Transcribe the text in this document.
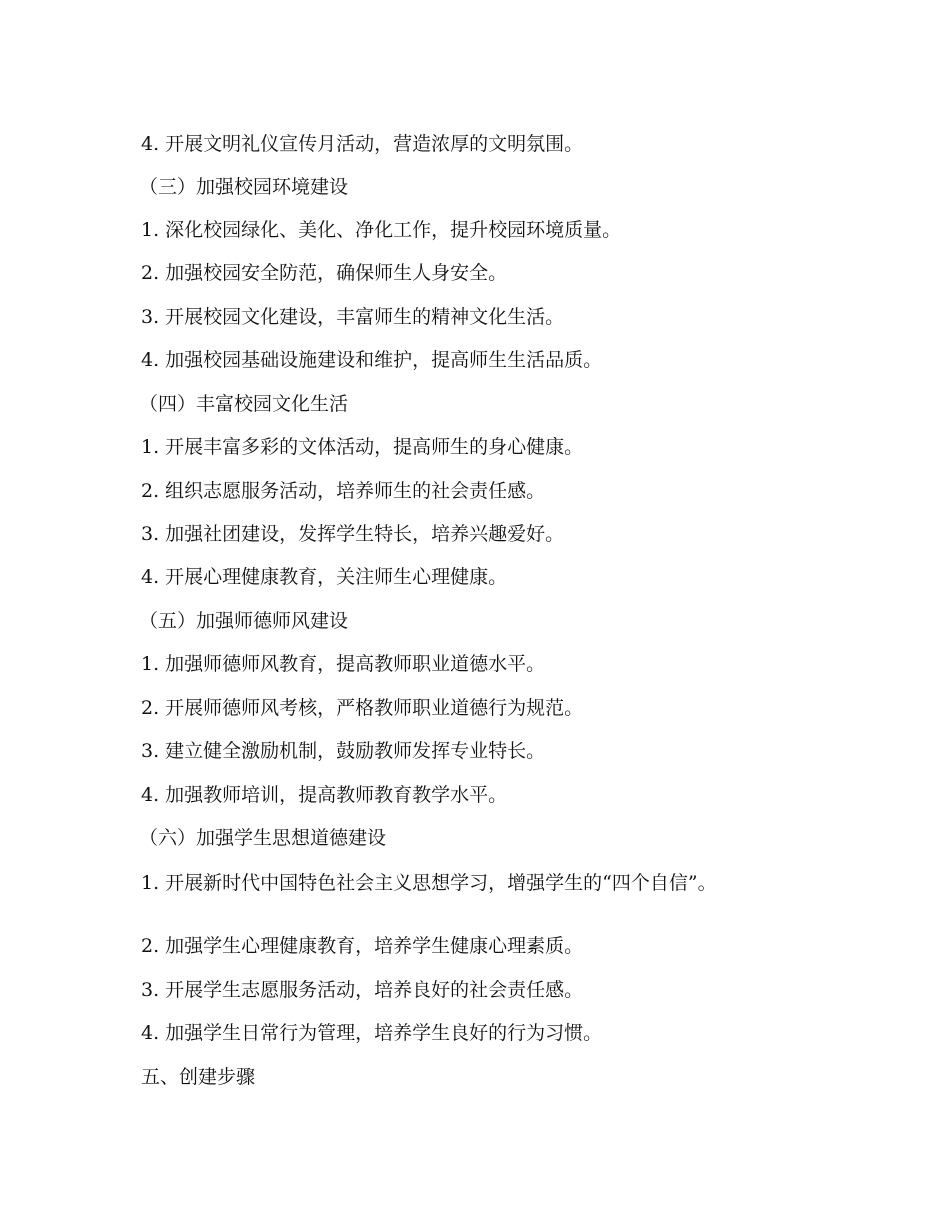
4. 开展文明礼仪宣传月活动，营造浓厚的文明氛围。
（三）加强校园环境建设
1. 深化校园绿化、美化、净化工作，提升校园环境质量。
2. 加强校园安全防范，确保师生人身安全。
3. 开展校园文化建设，丰富师生的精神文化生活。
4. 加强校园基础设施建设和维护，提高师生生活品质。
（四）丰富校园文化生活
1. 开展丰富多彩的文体活动，提高师生的身心健康。
2. 组织志愿服务活动，培养师生的社会责任感。
3. 加强社团建设，发挥学生特长，培养兴趣爱好。
4. 开展心理健康教育，关注师生心理健康。
（五）加强师德师风建设
1. 加强师德师风教育，提高教师职业道德水平。
2. 开展师德师风考核，严格教师职业道德行为规范。
3. 建立健全激励机制，鼓励教师发挥专业特长。
4. 加强教师培训，提高教师教育教学水平。
（六）加强学生思想道德建设
1. 开展新时代中国特色社会主义思想学习，增强学生的“四个自信”。
2. 加强学生心理健康教育，培养学生健康心理素质。
3. 开展学生志愿服务活动，培养良好的社会责任感。
4. 加强学生日常行为管理，培养学生良好的行为习惯。
五、创建步骤
